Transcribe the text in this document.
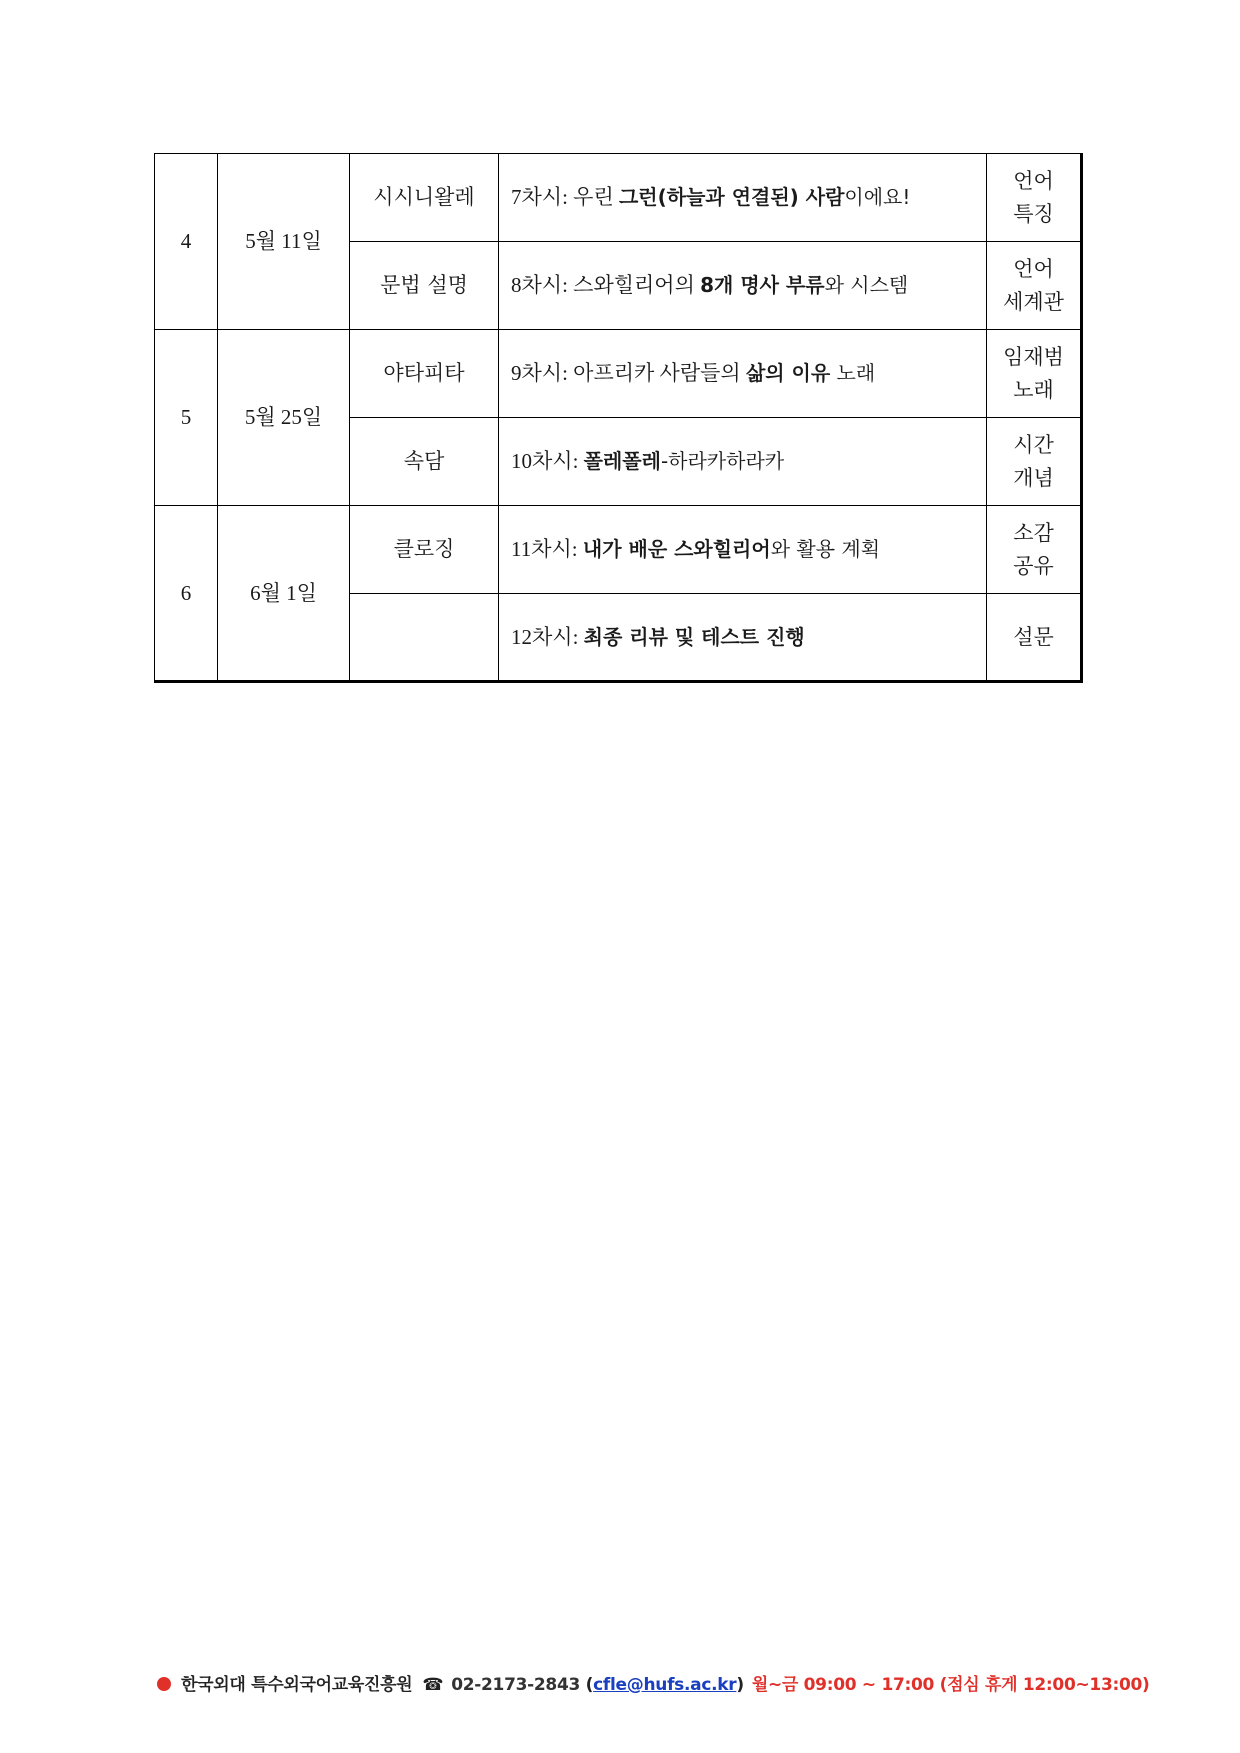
4	5월 11일	시시니왈레	7차시: 우린 그런(하늘과 연결된) 사람이에요!	언어
특징

		문법 설명	8차시: 스와힐리어의 8개 명사 부류와 시스템	언어
세계관

5	5월 25일	야타피타	9차시: 아프리카 사람들의 삶의 이유 노래	임재범
노래

		속담	10차시: 폴레폴레-하라카하라카	시간
개념

6	6월 1일	클로징	11차시: 내가 배운 스와힐리어와 활용 계획	소감
공유

			12차시: 최종 리뷰 및 테스트 진행	설문
한국외대 특수외국어교육진흥원 ☎ 02-2173-2843 (cfle@hufs.ac.kr) 월~금 09:00 ~ 17:00 (점심 휴게 12:00~13:00)
